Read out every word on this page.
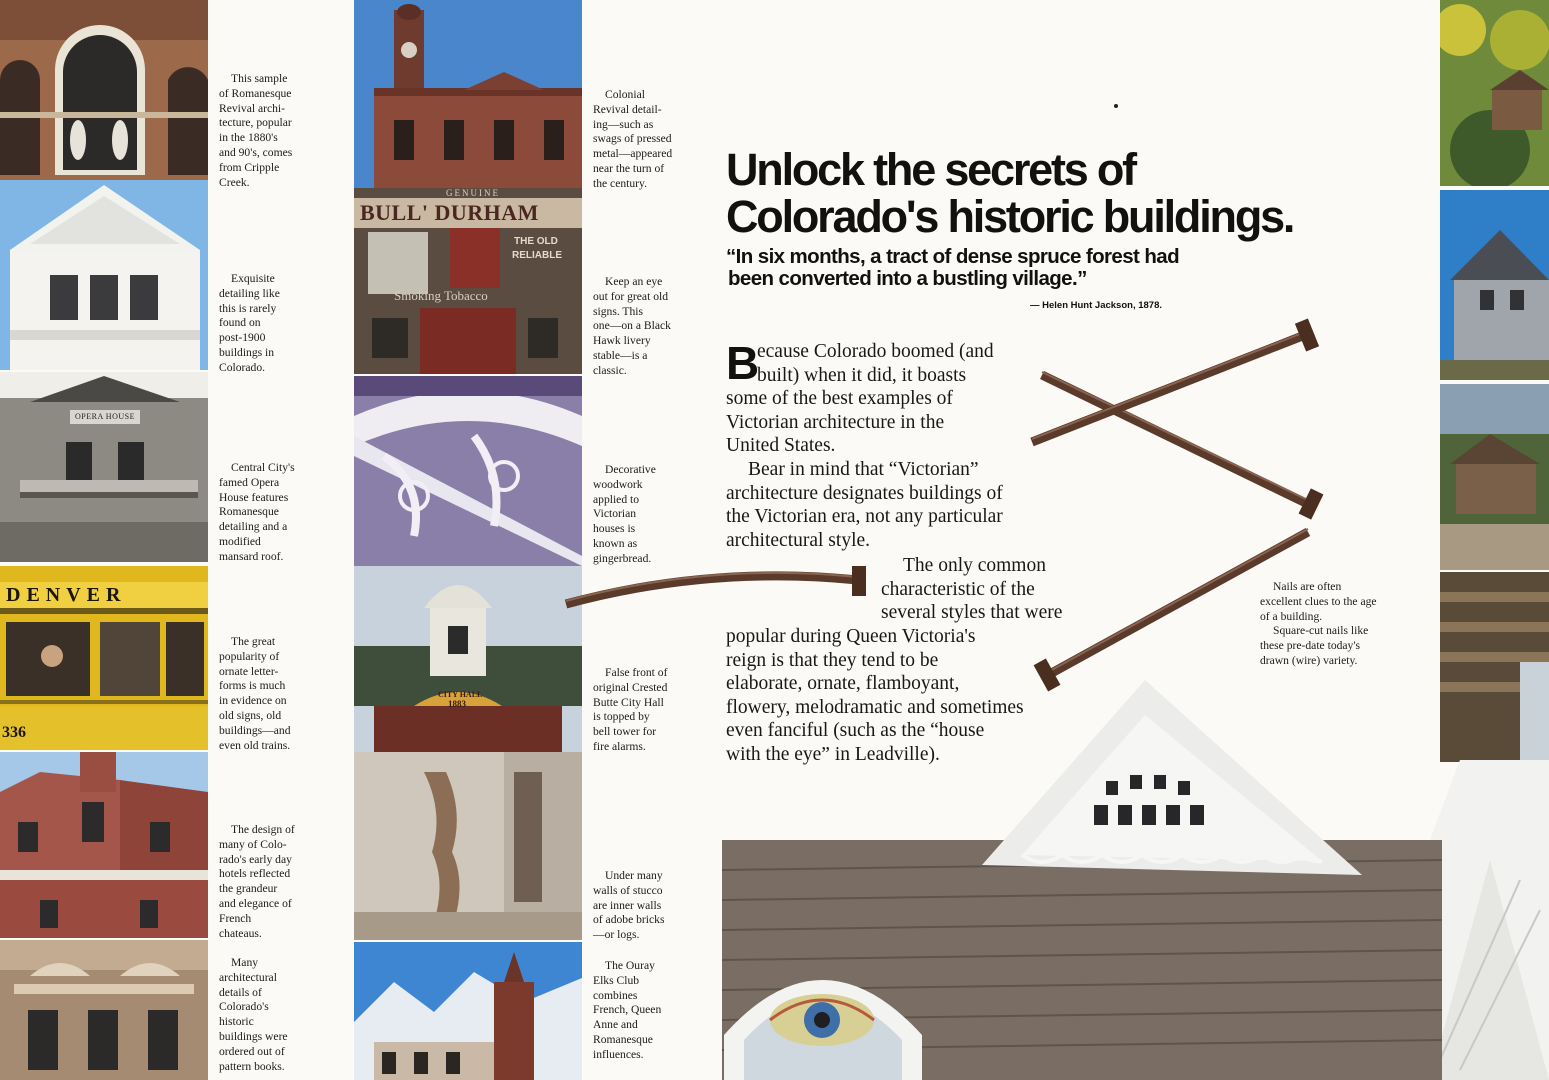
OPERA HOUSE
DENVER
336
This sample
of Romanesque
Revival archi-
tecture, popular
in the 1880's
and 90's, comes
from Cripple
Creek.
Exquisite
detailing like
this is rarely
found on
post-1900
buildings in
Colorado.
Central City's
famed Opera
House features
Romanesque
detailing and a
modified
mansard roof.
The great
popularity of
ornate letter-
forms is much
in evidence on
old signs, old
buildings—and
even old trains.
The design of
many of Colo-
rado's early day
hotels reflected
the grandeur
and elegance of
French
chateaus.
Many
architectural
details of
Colorado's
historic
buildings were
ordered out of
pattern books.
GENUINE
BULL' DURHAM
THE OLD
RELIABLE
Smoking Tobacco
CITY HALL
1883
Colonial
Revival detail-
ing—such as
swags of pressed
metal—appeared
near the turn of
the century.
Keep an eye
out for great old
signs. This
one—on a Black
Hawk livery
stable—is a
classic.
Decorative
woodwork
applied to
Victorian
houses is
known as
gingerbread.
False front of
original Crested
Butte City Hall
is topped by
bell tower for
fire alarms.
Under many
walls of stucco
are inner walls
of adobe bricks
—or logs.
The Ouray
Elks Club
combines
French, Queen
Anne and
Romanesque
influences.
Unlock the secrets of
Colorado's historic buildings.
“In six months, a tract of dense spruce forest had
been converted into a bustling village.”
— Helen Hunt Jackson, 1878.
B
ecause Colorado boomed (and
built) when it did, it boasts
some of the best examples of
Victorian architecture in the
United States.
Bear in mind that “Victorian”
architecture designates buildings of
the Victorian era, not any particular
architectural style.
The only common
characteristic of the
several styles that were
popular during Queen Victoria's
reign is that they tend to be
elaborate, ornate, flamboyant,
flowery, melodramatic and sometimes
even fanciful (such as the “house
with the eye” in Leadville).
Nails are often
excellent clues to the age
of a building.
Square-cut nails like
these pre-date today's
drawn (wire) variety.
